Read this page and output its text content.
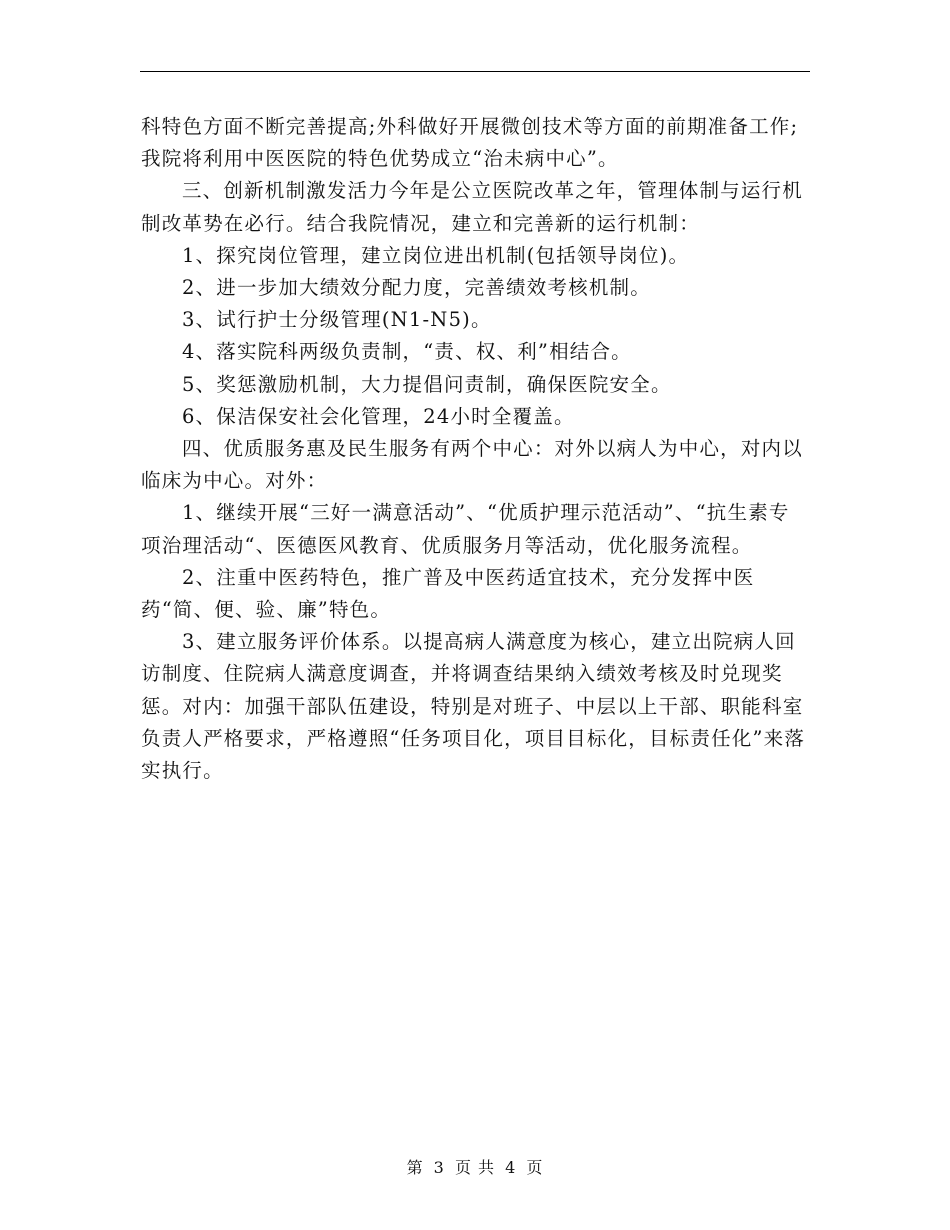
科特色方面不断完善提高;外科做好开展微创技术等方面的前期准备工作;我院将利用中医医院的特色优势成立“治未病中心”。

三、创新机制激发活力今年是公立医院改革之年，管理体制与运行机制改革势在必行。结合我院情况，建立和完善新的运行机制：

1、探究岗位管理，建立岗位进出机制(包括领导岗位)。

2、进一步加大绩效分配力度，完善绩效考核机制。

3、试行护士分级管理(N1-N5)。

4、落实院科两级负责制，“责、权、利”相结合。

5、奖惩激励机制，大力提倡问责制，确保医院安全。

6、保洁保安社会化管理，24小时全覆盖。

四、优质服务惠及民生服务有两个中心：对外以病人为中心，对内以临床为中心。对外：

1、继续开展“三好一满意活动”、“优质护理示范活动”、“抗生素专项治理活动“、医德医风教育、优质服务月等活动，优化服务流程。

2、注重中医药特色，推广普及中医药适宜技术，充分发挥中医药“简、便、验、廉”特色。

3、建立服务评价体系。以提高病人满意度为核心，建立出院病人回访制度、住院病人满意度调查，并将调查结果纳入绩效考核及时兑现奖惩。对内：加强干部队伍建设，特别是对班子、中层以上干部、职能科室负责人严格要求，严格遵照“任务项目化，项目目标化，目标责任化”来落实执行。

第 3 页 共 4 页
